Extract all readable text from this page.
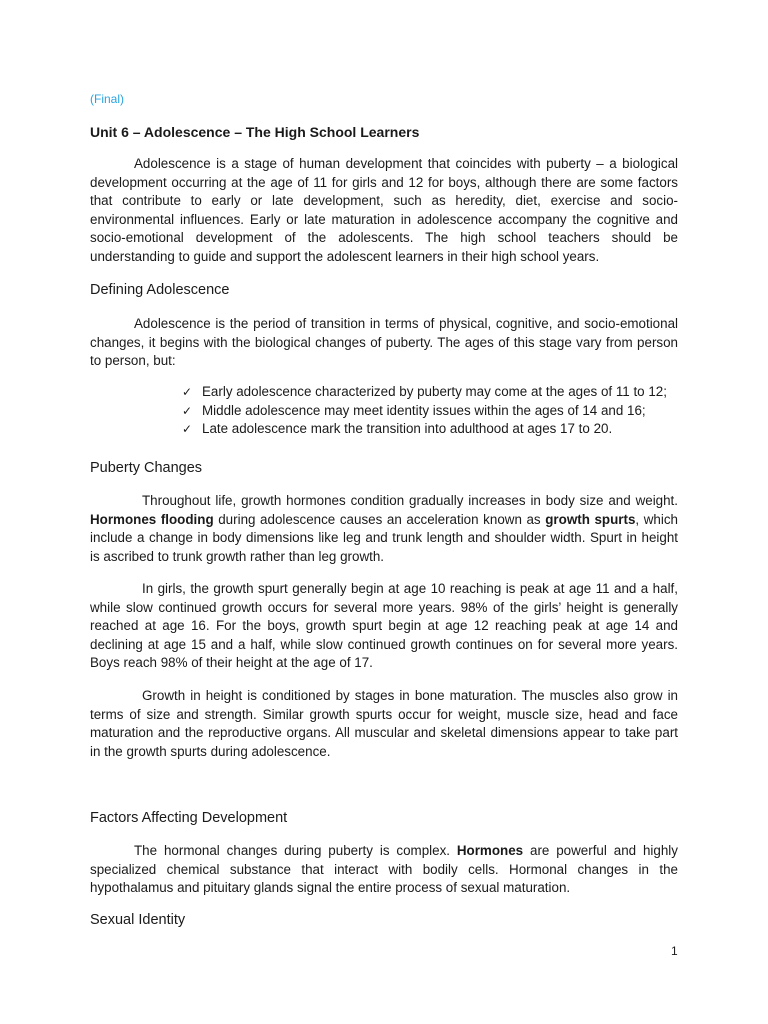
(Final)
Unit 6 – Adolescence – The High School Learners

Adolescence is a stage of human development that coincides with puberty – a biological development occurring at the age of 11 for girls and 12 for boys, although there are some factors that contribute to early or late development, such as heredity, diet, exercise and socio-environmental influences. Early or late maturation in adolescence accompany the cognitive and socio-emotional development of the adolescents. The high school teachers should be understanding to guide and support the adolescent learners in their high school years.

Defining Adolescence

Adolescence is the period of transition in terms of physical, cognitive, and socio-emotional changes, it begins with the biological changes of puberty. The ages of this stage vary from person to person, but:

✓ Early adolescence characterized by puberty may come at the ages of 11 to 12;
✓ Middle adolescence may meet identity issues within the ages of 14 and 16;
✓ Late adolescence mark the transition into adulthood at ages 17 to 20.
Puberty Changes

Throughout life, growth hormones condition gradually increases in body size and weight. Hormones flooding during adolescence causes an acceleration known as growth spurts, which include a change in body dimensions like leg and trunk length and shoulder width. Spurt in height is ascribed to trunk growth rather than leg growth.

In girls, the growth spurt generally begin at age 10 reaching is peak at age 11 and a half, while slow continued growth occurs for several more years. 98% of the girls’ height is generally reached at age 16. For the boys, growth spurt begin at age 12 reaching peak at age 14 and declining at age 15 and a half, while slow continued growth continues on for several more years. Boys reach 98% of their height at the age of 17.

Growth in height is conditioned by stages in bone maturation. The muscles also grow in terms of size and strength. Similar growth spurts occur for weight, muscle size, head and face maturation and the reproductive organs. All muscular and skeletal dimensions appear to take part in the growth spurts during adolescence.

Factors Affecting Development

The hormonal changes during puberty is complex. Hormones are powerful and highly specialized chemical substance that interact with bodily cells. Hormonal changes in the hypothalamus and pituitary glands signal the entire process of sexual maturation.

Sexual Identity
1
